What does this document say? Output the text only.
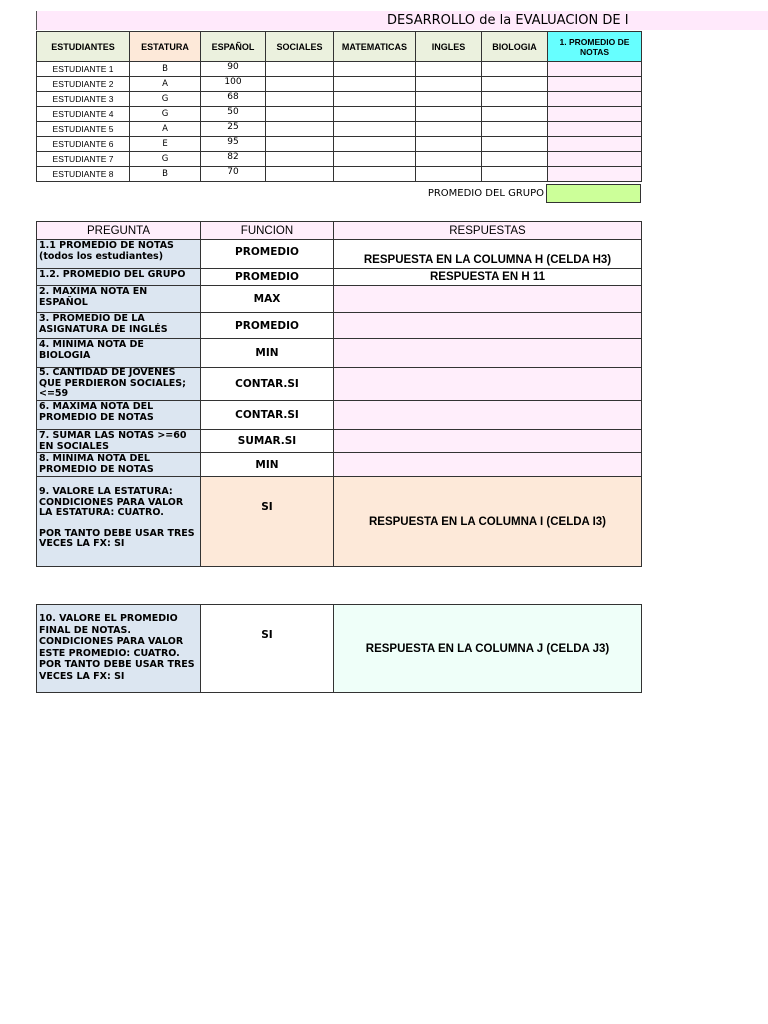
DESARROLLO de la EVALUACION DE I
ESTUDIANTES	ESTATURA	ESPAÑOL	SOCIALES	MATEMATICAS	INGLES	BIOLOGIA	1. PROMEDIO DE NOTAS
ESTUDIANTE 1	B	90					
ESTUDIANTE 2	A	100					
ESTUDIANTE 3	G	68					
ESTUDIANTE 4	G	50					
ESTUDIANTE 5	A	25					
ESTUDIANTE 6	E	95					
ESTUDIANTE 7	G	82					
ESTUDIANTE 8	B	70					
PROMEDIO DEL GRUPO
PREGUNTA	FUNCION	RESPUESTAS
1.1 PROMEDIO DE NOTAS (todos los estudiantes)	PROMEDIO	RESPUESTA EN LA COLUMNA H (CELDA H3)
1.2. PROMEDIO DEL GRUPO	PROMEDIO	RESPUESTA EN H 11
2. MAXIMA NOTA EN ESPAÑOL	MAX	
3. PROMEDIO DE LA ASIGNATURA DE INGLÉS	PROMEDIO	
4. MINIMA NOTA DE BIOLOGIA	MIN	
5. CANTIDAD DE JOVENES QUE PERDIERON SOCIALES;<=59	CONTAR.SI	
6. MAXIMA NOTA DEL PROMEDIO DE NOTAS	CONTAR.SI	
7. SUMAR LAS NOTAS >=60 EN SOCIALES	SUMAR.SI	
8. MINIMA NOTA DEL PROMEDIO DE NOTAS	MIN	

9. VALORE LA ESTATURA: CONDICIONES PARA VALOR LA ESTATURA: CUATRO.
POR TANTO DEBE USAR TRES VECES LA FX: SI	SI	RESPUESTA EN LA COLUMNA I (CELDA I3)
10. VALORE EL PROMEDIO FINAL DE NOTAS. CONDICIONES PARA VALOR ESTE PROMEDIO: CUATRO. POR TANTO DEBE USAR TRES VECES LA FX: SI	SI	RESPUESTA EN LA COLUMNA J (CELDA J3)
